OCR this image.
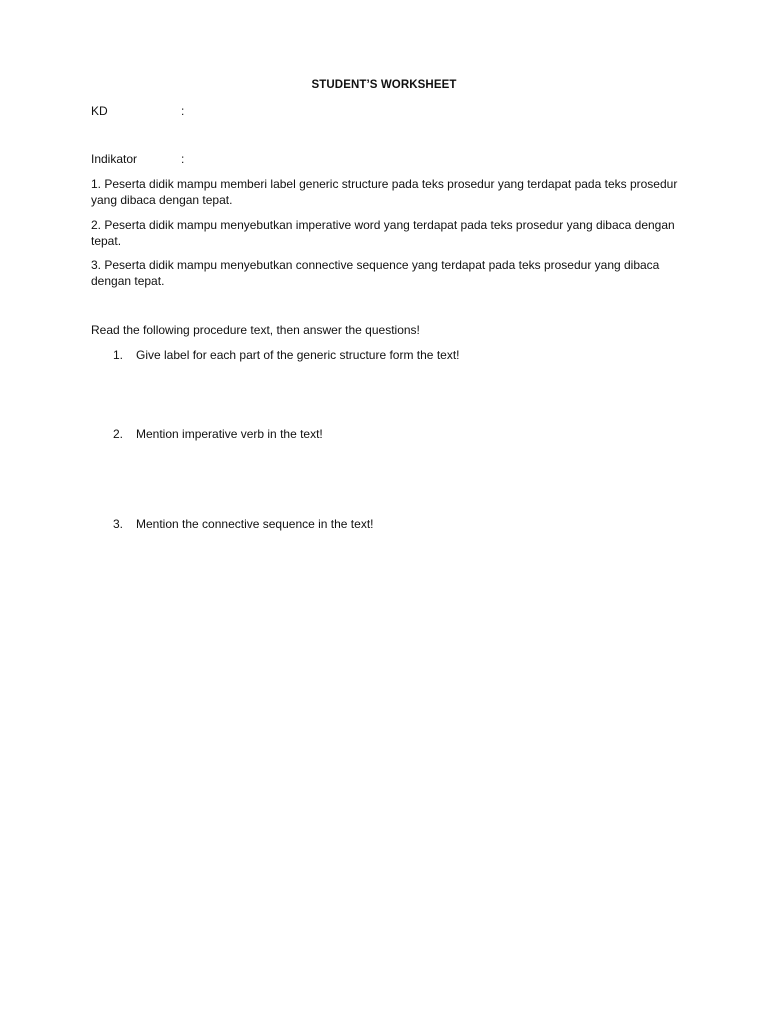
STUDENT’S WORKSHEET
KD	:
Indikator	:
1. Peserta didik mampu memberi label generic structure pada teks prosedur yang terdapat pada teks prosedur yang dibaca dengan tepat.
2. Peserta didik mampu menyebutkan imperative word yang terdapat pada teks prosedur yang dibaca dengan tepat.
3. Peserta didik mampu menyebutkan connective sequence yang terdapat pada teks prosedur yang dibaca dengan tepat.
Read the following procedure text, then answer the questions!
1. Give label for each part of the generic structure form the text!
2. Mention imperative verb in the text!
3. Mention the connective sequence in the text!
